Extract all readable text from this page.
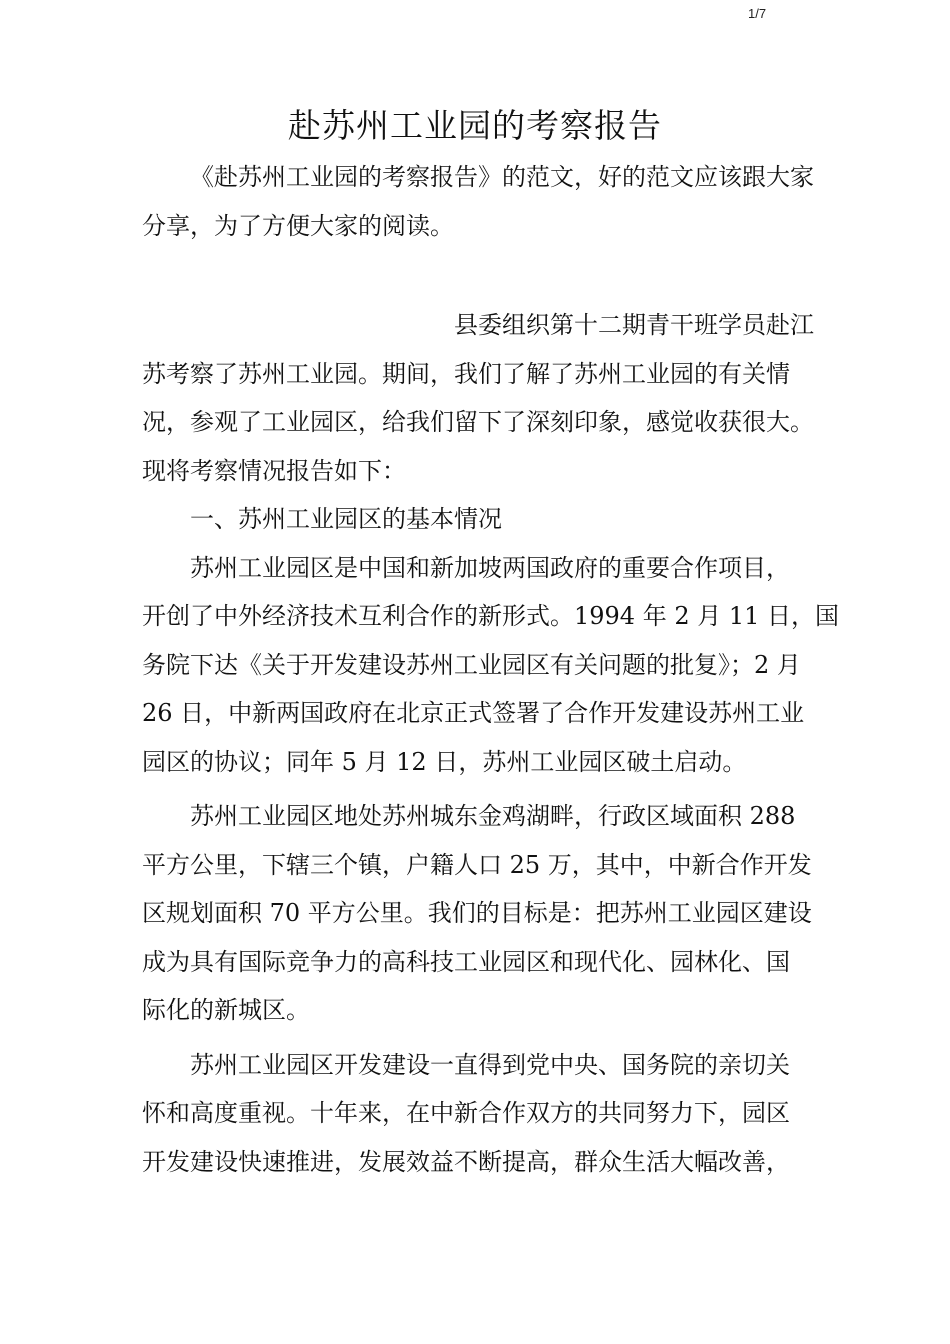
1/7
赴苏州工业园的考察报告
《赴苏州工业园的考察报告》的范文，好的范文应该跟大家
分享，为了方便大家的阅读。
县委组织第十二期青干班学员赴江
苏考察了苏州工业园。期间，我们了解了苏州工业园的有关情
况，参观了工业园区，给我们留下了深刻印象，感觉收获很大。
现将考察情况报告如下：
一、苏州工业园区的基本情况
苏州工业园区是中国和新加坡两国政府的重要合作项目，
开创了中外经济技术互利合作的新形式。1994 年 2 月 11 日，国
务院下达《关于开发建设苏州工业园区有关问题的批复》；2 月
26 日，中新两国政府在北京正式签署了合作开发建设苏州工业
园区的协议；同年 5 月 12 日，苏州工业园区破土启动。
苏州工业园区地处苏州城东金鸡湖畔，行政区域面积 288
平方公里，下辖三个镇，户籍人口 25 万，其中，中新合作开发
区规划面积 70 平方公里。我们的目标是：把苏州工业园区建设
成为具有国际竞争力的高科技工业园区和现代化、园林化、国
际化的新城区。
苏州工业园区开发建设一直得到党中央、国务院的亲切关
怀和高度重视。十年来，在中新合作双方的共同努力下，园区
开发建设快速推进，发展效益不断提高，群众生活大幅改善，
